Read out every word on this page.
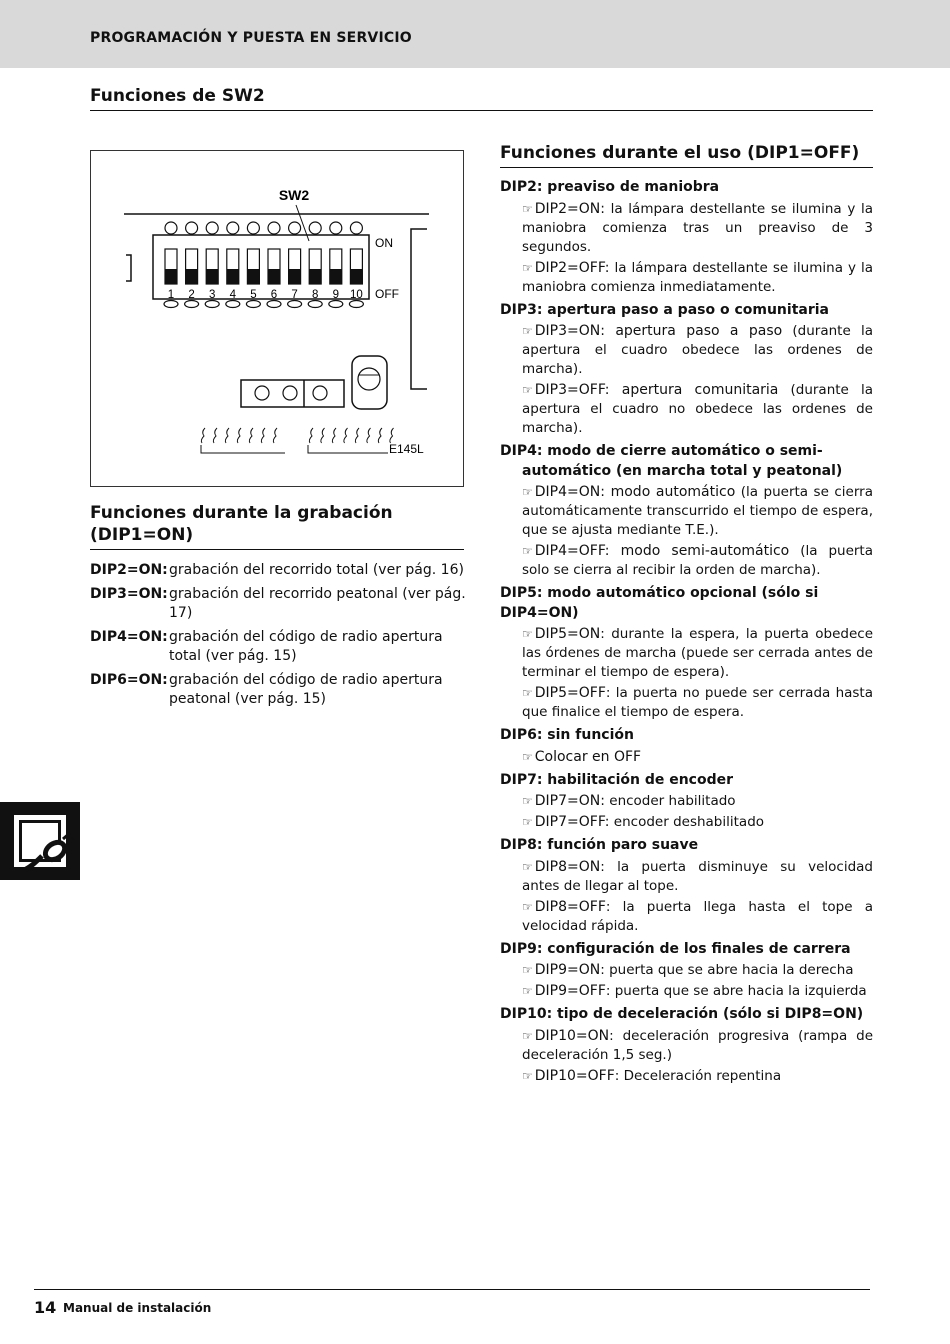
PROGRAMACIÓN Y PUESTA EN SERVICIO
Funciones de SW2
SW2
1 2 3 4 5 6 7 8 9 10
ON
OFF
E145L
Funciones durante la grabación
(DIP1=ON)
DIP2=ON: grabación del recorrido total (ver pág. 16)
DIP3=ON: grabación del recorrido peatonal (ver pág. 17)
DIP4=ON: grabación del código de radio apertura total (ver pág. 15)
DIP6=ON: grabación del código de radio apertura peatonal (ver pág. 15)
Funciones durante el uso (DIP1=OFF)
DIP2: preaviso de maniobra
☞ DIP2=ON: la lámpara destellante se ilumina y la maniobra comienza tras un preaviso de 3 segundos.
☞ DIP2=OFF: la lámpara destellante se ilumina y la maniobra comienza inmediatamente.
DIP3: apertura paso a paso o comunitaria
☞ DIP3=ON: apertura paso a paso (durante la apertura el cuadro obedece las ordenes de marcha).
☞ DIP3=OFF: apertura comunitaria (durante la apertura el cuadro no obedece las ordenes de marcha).
DIP4: modo de cierre automático o semi-
automático (en marcha total y peatonal)
☞ DIP4=ON: modo automático (la puerta se cierra automáticamente transcurrido el tiempo de espera, que se ajusta mediante T.E.).
☞ DIP4=OFF: modo semi-automático (la puerta solo se cierra al recibir la orden de marcha).
DIP5: modo automático opcional (sólo si DIP4=ON)
☞ DIP5=ON: durante la espera, la puerta obedece las órdenes de marcha (puede ser cerrada antes de terminar el tiempo de espera).
☞ DIP5=OFF: la puerta no puede ser cerrada hasta que finalice el tiempo de espera.
DIP6: sin función
☞ Colocar en OFF
DIP7: habilitación de encoder
☞ DIP7=ON: encoder habilitado
☞ DIP7=OFF: encoder deshabilitado
DIP8: función paro suave
☞ DIP8=ON: la puerta disminuye su velocidad antes de llegar al tope.
☞ DIP8=OFF: la puerta llega hasta el tope a velocidad rápida.
DIP9: configuración de los finales de carrera
☞ DIP9=ON: puerta que se abre hacia la derecha
☞ DIP9=OFF: puerta que se abre hacia la izquierda
DIP10: tipo de deceleración (sólo si DIP8=ON)
☞ DIP10=ON: deceleración progresiva (rampa de deceleración 1,5 seg.)
☞ DIP10=OFF: Deceleración repentina
14 Manual de instalación
